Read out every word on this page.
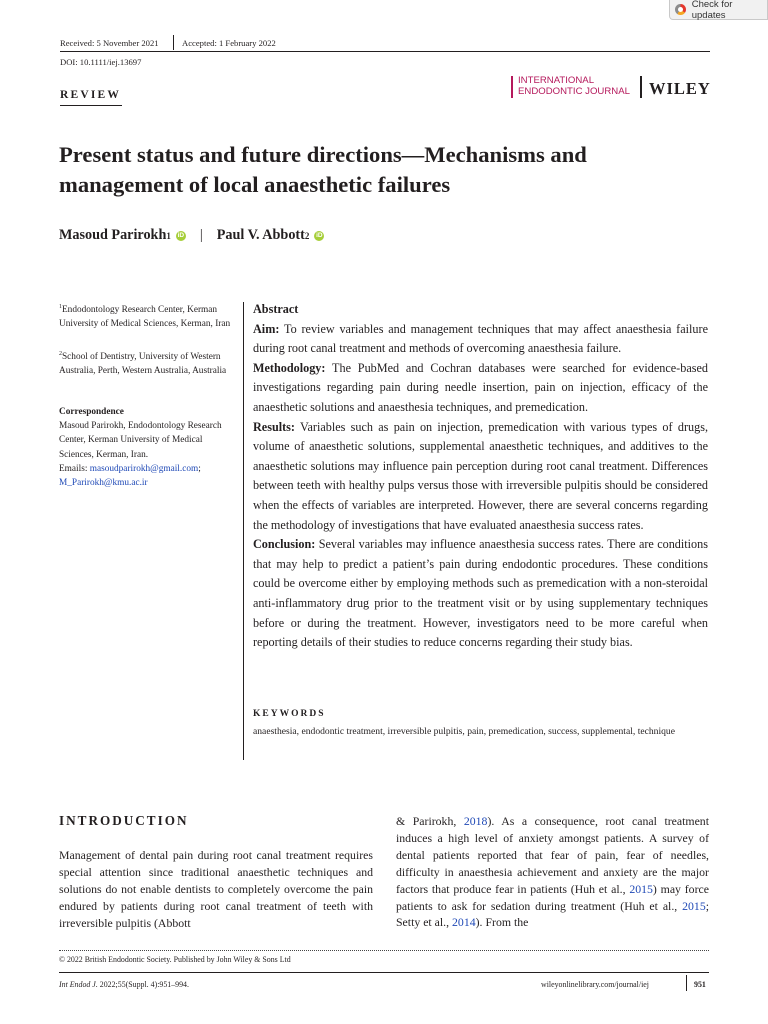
Check for updates
Received: 5 November 2021	Accepted: 1 February 2022
DOI: 10.1111/iej.13697
REVIEW
INTERNATIONAL
ENDODONTIC JOURNAL WILEY
Present status and future directions—Mechanisms and management of local anaesthetic failures
Masoud Parirokh 1 iD | Paul V. Abbott 2 iD
$^1$Endodontology Research Center, Kerman University of Medical Sciences, Kerman, Iran
$^2$School of Dentistry, University of Western Australia, Perth, Western Australia, Australia
Correspondence
Masoud Parirokh, Endodontology Research Center, Kerman University of Medical Sciences, Kerman, Iran.
Emails: masoudparirokh@gmail.com; M_Parirokh@kmu.ac.ir
Abstract
Aim: To review variables and management techniques that may affect anaesthesia failure during root canal treatment and methods of overcoming anaesthesia failure.
Methodology: The PubMed and Cochran databases were searched for evidence-based investigations regarding pain during needle insertion, pain on injection, efficacy of the anaesthetic solutions and anaesthesia techniques, and premedication.
Results: Variables such as pain on injection, premedication with various types of drugs, volume of anaesthetic solutions, supplemental anaesthetic techniques, and additives to the anaesthetic solutions may influence pain perception during root canal treatment. Differences between teeth with healthy pulps versus those with irreversible pulpitis should be considered when the effects of variables are interpreted. However, there are several concerns regarding the methodology of investigations that have evaluated anaesthesia success rates.
Conclusion: Several variables may influence anaesthesia success rates. There are conditions that may help to predict a patient’s pain during endodontic procedures. These conditions could be overcome either by employing methods such as premedication with a non-steroidal anti-inflammatory drug prior to the treatment visit or by using supplementary techniques before or during the treatment. However, investigators need to be more careful when reporting details of their studies to reduce concerns regarding their study bias.
KEYWORDS
anaesthesia, endodontic treatment, irreversible pulpitis, pain, premedication, success, supplemental, technique
INTRODUCTION
Management of dental pain during root canal treatment requires special attention since traditional anaesthetic techniques and solutions do not enable dentists to completely overcome the pain endured by patients during root canal treatment of teeth with irreversible pulpitis (Abbott
& Parirokh, 2018). As a consequence, root canal treatment induces a high level of anxiety amongst patients. A survey of dental patients reported that fear of pain, fear of needles, difficulty in anaesthesia achievement and anxiety are the major factors that produce fear in patients (Huh et al., 2015) may force patients to ask for sedation during treatment (Huh et al., 2015; Setty et al., 2014). From the
© 2022 British Endodontic Society. Published by John Wiley & Sons Ltd
Int Endod J. 2022;55(Suppl. 4):951–994.	wileyonlinelibrary.com/journal/iej	951
